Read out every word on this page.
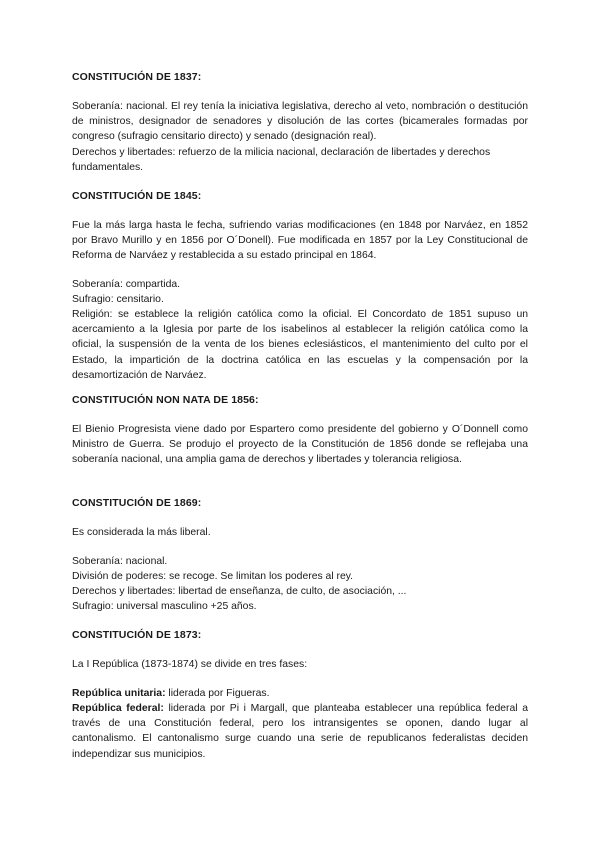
CONSTITUCIÓN DE 1837:

Soberanía: nacional. El rey tenía la iniciativa legislativa, derecho al veto, nombración o destitución de ministros, designador de senadores y disolución de las cortes (bicamerales formadas por congreso (sufragio censitario directo) y senado (designación real).

Derechos y libertades: refuerzo de la milicia nacional, declaración de libertades y derechos fundamentales.

CONSTITUCIÓN DE 1845:

Fue la más larga hasta le fecha, sufriendo varias modificaciones (en 1848 por Narváez, en 1852 por Bravo Murillo y en 1856 por O´Donell). Fue modificada en 1857 por la Ley Constitucional de Reforma de Narváez y restablecida a su estado principal en 1864.

Soberanía: compartida.

Sufragio: censitario.

Religión: se establece la religión católica como la oficial. El Concordato de 1851 supuso un acercamiento a la Iglesia por parte de los isabelinos al establecer la religión católica como la oficial, la suspensión de la venta de los bienes eclesiásticos, el mantenimiento del culto por el Estado, la impartición de la doctrina católica en las escuelas y la compensación por la desamortización de Narváez.

CONSTITUCIÓN NON NATA DE 1856:

El Bienio Progresista viene dado por Espartero como presidente del gobierno y O´Donnell como Ministro de Guerra. Se produjo el proyecto de la Constitución de 1856 donde se reflejaba una soberanía nacional, una amplia gama de derechos y libertades y tolerancia religiosa.

CONSTITUCIÓN DE 1869:

Es considerada la más liberal.

Soberanía: nacional.

División de poderes: se recoge. Se limitan los poderes al rey.

Derechos y libertades: libertad de enseñanza, de culto, de asociación, ...

Sufragio: universal masculino +25 años.

CONSTITUCIÓN DE 1873:

La I República (1873-1874) se divide en tres fases:

República unitaria: liderada por Figueras.

República federal: liderada por Pi i Margall, que planteaba establecer una república federal a través de una Constitución federal, pero los intransigentes se oponen, dando lugar al cantonalismo. El cantonalismo surge cuando una serie de republicanos federalistas deciden independizar sus municipios.
